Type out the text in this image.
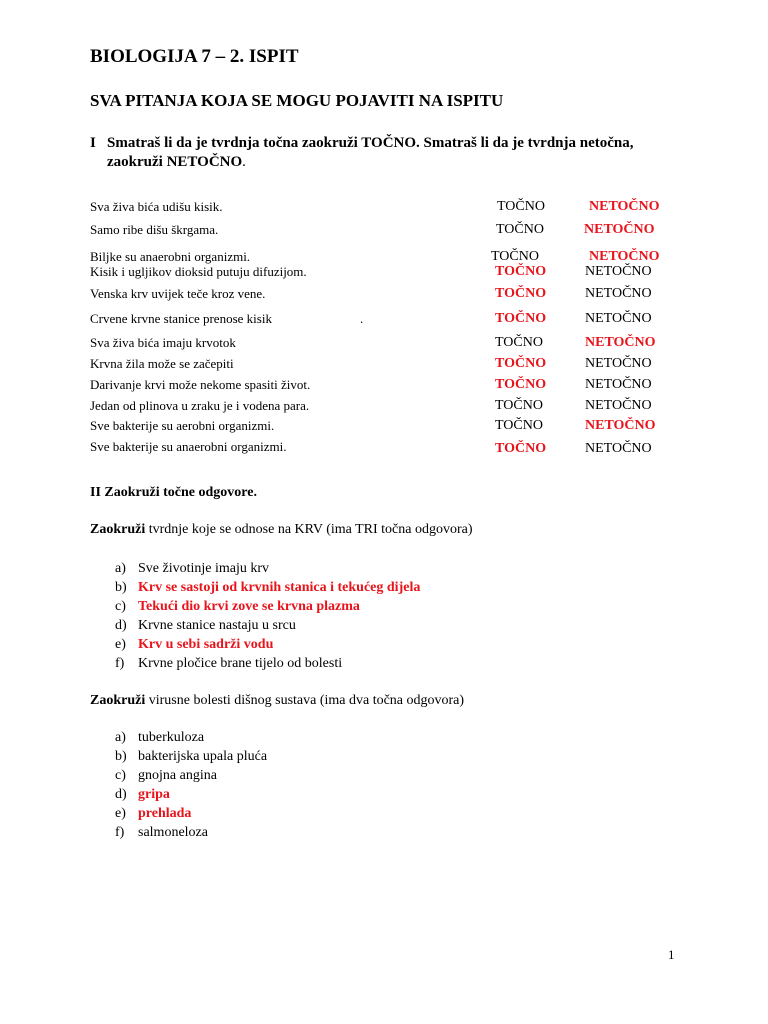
BIOLOGIJA 7 – 2. ISPIT
SVA PITANJA KOJA SE MOGU POJAVITI NA ISPITU
I Smatraš li da je tvrdnja točna zaokruži TOČNO. Smatraš li da je tvrdnja netočna,
zaokruži NETOČNO.
Sva živa bića udišu kisik.	TOČNO	NETOČNO
Samo ribe dišu škrgama.	TOČNO	NETOČNO
Biljke su anaerobni organizmi.	TOČNO	NETOČNO
Kisik i ugljikov dioksid putuju difuzijom.	TOČNO	NETOČNO
Venska krv uvijek teče kroz vene.	TOČNO	NETOČNO
Crvene krvne stanice prenose kisik	.	TOČNO	NETOČNO
Sva živa bića imaju krvotok	TOČNO	NETOČNO
Krvna žila može se začepiti	TOČNO	NETOČNO
Darivanje krvi može nekome spasiti život.	TOČNO	NETOČNO
Jedan od plinova u zraku je i vodena para.	TOČNO	NETOČNO
Sve bakterije su aerobni organizmi.	TOČNO	NETOČNO
Sve bakterije su anaerobni organizmi.	TOČNO	NETOČNO
II Zaokruži točne odgovore.
Zaokruži tvrdnje koje se odnose na KRV (ima TRI točna odgovora)
a) Sve životinje imaju krv
b) Krv se sastoji od krvnih stanica i tekućeg dijela
c) Tekući dio krvi zove se krvna plazma
d) Krvne stanice nastaju u srcu
e) Krv u sebi sadrži vodu
f) Krvne pločice brane tijelo od bolesti
Zaokruži virusne bolesti dišnog sustava (ima dva točna odgovora)
a) tuberkuloza
b) bakterijska upala pluća
c) gnojna angina
d) gripa
e) prehlada
f) salmoneloza
1
